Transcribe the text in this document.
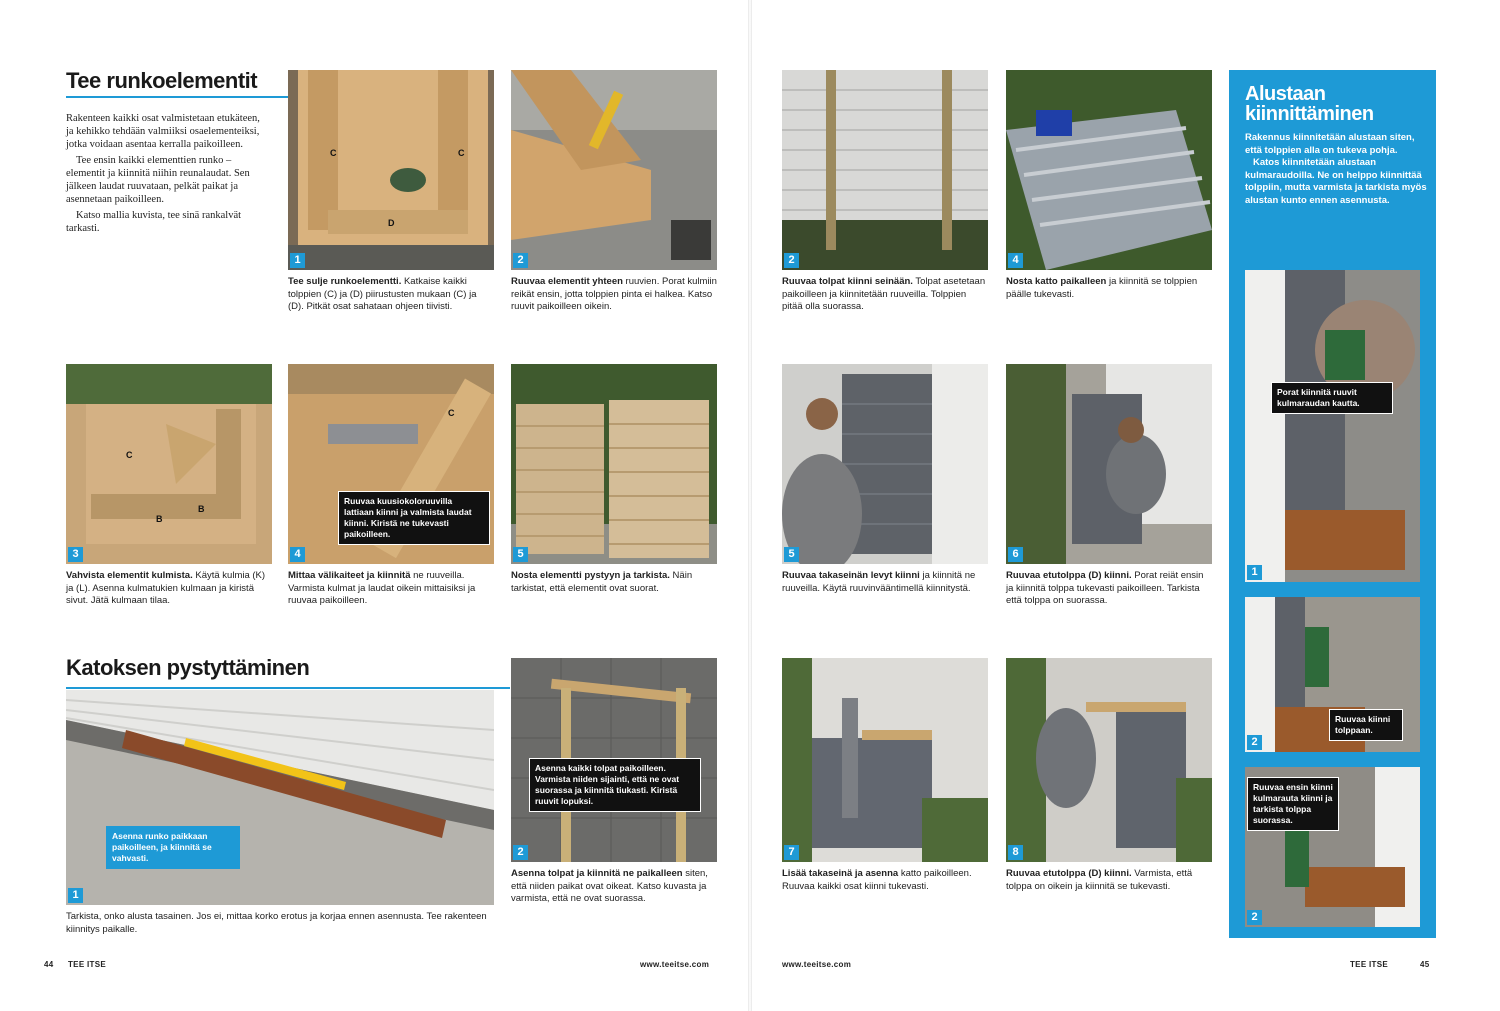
Tee runkoelementit

Rakenteen kaikki osat valmistetaan etukäteen, ja kehikko tehdään valmiiksi osaelementeiksi, jotka voidaan asentaa kerralla paikoilleen.

Tee ensin kaikki elementtien runko – elementit ja kiinnitä niihin reunalaudat. Sen jälkeen laudat ruuvataan, pelkät paikat ja asennetaan paikoilleen.

Katso mallia kuvista, tee sinä rankalvät tarkasti.

C	C
D
1
Tee sulje runkoelementti. Katkaise kaikki tolppien (C) ja (D) piirustusten mukaan (C) ja (D). Pitkät osat sahataan ohjeen tiivisti.
2
Ruuvaa elementit yhteen ruuvien. Porat kulmiin reikät ensin, jotta tolppien pinta ei halkea. Katso ruuvit paikoilleen oikein.
C
B
B
3
Vahvista elementit kulmista. Käytä kulmia (K) ja (L). Asenna kulmatukien kulmaan ja kiristä sivut. Jätä kulmaan tilaa.
C
Ruuvaa kuusiokoloruuvilla lattiaan kiinni ja valmista laudat kiinni. Kiristä ne tukevasti paikoilleen.
4
Mittaa välikaiteet ja kiinnitä ne ruuveilla. Varmista kulmat ja laudat oikein mittaisiksi ja ruuvaa paikoilleen.
5
Nosta elementti pystyyn ja tarkista. Näin tarkistat, että elementit ovat suorat.
Katoksen pystyttäminen
Asenna runko paikkaan paikoilleen, ja kiinnitä se vahvasti.
1
Tarkista, onko alusta tasainen. Jos ei, mittaa korko erotus ja korjaa ennen asennusta. Tee rakenteen kiinnitys paikalle.
Asenna kaikki tolpat paikoilleen. Varmista niiden sijainti, että ne ovat suorassa ja kiinnitä tiukasti. Kiristä ruuvit lopuksi.
2
Asenna tolpat ja kiinnitä ne paikalleen siten, että niiden paikat ovat oikeat. Katso kuvasta ja varmista, että ne ovat suorassa.
44 TEE ITSE	www.teeitse.com
2
Ruuvaa tolpat kiinni seinään. Tolpat asetetaan paikoilleen ja kiinnitetään ruuveilla. Tolppien pitää olla suorassa.
4
Nosta katto paikalleen ja kiinnitä se tolppien päälle tukevasti.
5
Ruuvaa takaseinän levyt kiinni ja kiinnitä ne ruuveilla. Käytä ruuvinvääntimellä kiinnitystä.
6
Ruuvaa etutolppa (D) kiinni. Porat reiät ensin ja kiinnitä tolppa tukevasti paikoilleen. Tarkista että tolppa on suorassa.
7
Lisää takaseinä ja asenna katto paikoilleen. Ruuvaa kaikki osat kiinni tukevasti.
8
Ruuvaa etutolppa (D) kiinni. Varmista, että tolppa on oikein ja kiinnitä se tukevasti.
Alustaan kiinnittäminen

Rakennus kiinnitetään alustaan siten, että tolppien alla on tukeva pohja.

Katos kiinnitetään alustaan kulmaraudoilla. Ne on helppo kiinnittää tolppiin, mutta varmista ja tarkista myös alustan kunto ennen asennusta.

Porat kiinnitä ruuvit kulmaraudan kautta.
1
Ruuvaa kiinni tolppaan.
2
Ruuvaa ensin kiinni kulmarauta kiinni ja tarkista tolppa suorassa.
2
www.teeitse.com	TEE ITSE	45
